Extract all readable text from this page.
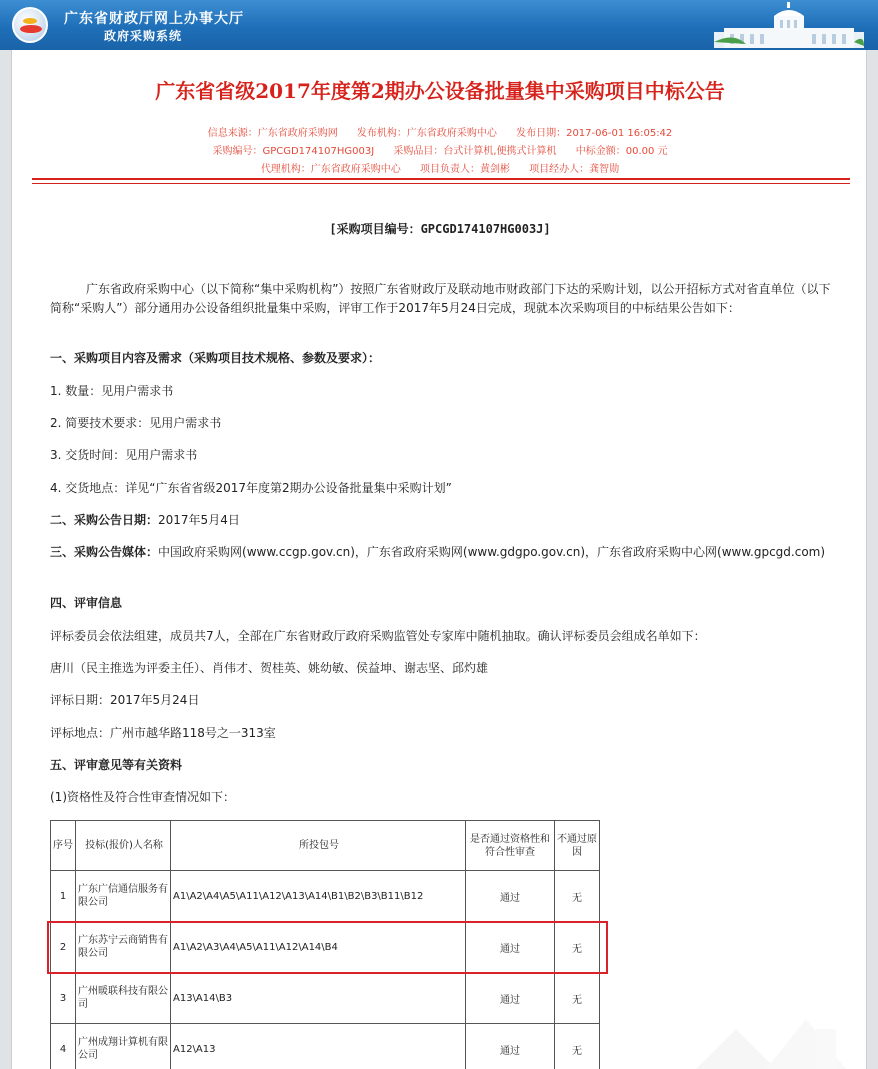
广东省财政厅网上办事大厅
政府采购系统
广东省省级2017年度第2期办公设备批量集中采购项目中标公告
信息来源：广东省政府采购网 发布机构：广东省政府采购中心 发布日期：2017-06-01 16:05:42
采购编号：GPCGD174107HG003J 采购品目：台式计算机,便携式计算机 中标金额：00.00 元
代理机构：广东省政府采购中心 项目负责人：黄剑彬 项目经办人：龚智勋
[采购项目编号：GPCGD174107HG003J]
　　　广东省政府采购中心（以下简称“集中采购机构”）按照广东省财政厅及联动地市财政部门下达的采购计划，以公开招标方式对省直单位（以下简称“采购人”）部分通用办公设备组织批量集中采购，评审工作于2017年5月24日完成，现就本次采购项目的中标结果公告如下：
一、采购项目内容及需求（采购项目技术规格、参数及要求）：
1. 数量：见用户需求书
2. 简要技术要求：见用户需求书
3. 交货时间：见用户需求书
4. 交货地点：详见“广东省省级2017年度第2期办公设备批量集中采购计划”
二、采购公告日期：2017年5月4日
三、采购公告媒体：中国政府采购网(www.ccgp.gov.cn)，广东省政府采购网(www.gdgpo.gov.cn)，广东省政府采购中心网(www.gpcgd.com)
四、评审信息
评标委员会依法组建，成员共7人，全部在广东省财政厅政府采购监管处专家库中随机抽取。确认评标委员会组成名单如下：
唐川（民主推选为评委主任）、肖伟才、贺桂英、姚幼敏、侯益坤、谢志坚、邱灼雄
评标日期：2017年5月24日
评标地点：广州市越华路118号之一313室
五、评审意见等有关资料
(1)资格性及符合性审查情况如下：
序号	投标(报价)人名称	所投包号	是否通过资格性和符合性审查	不通过原因
1	广东广信通信服务有限公司	A1\A2\A4\A5\A11\A12\A13\A14\B1\B2\B3\B11\B12	通过	无
2	广东苏宁云商销售有限公司	A1\A2\A3\A4\A5\A11\A12\A14\B4	通过	无
3	广州暖联科技有限公司	A13\A14\B3	通过	无
4	广州成翔计算机有限公司	A12\A13	通过	无
